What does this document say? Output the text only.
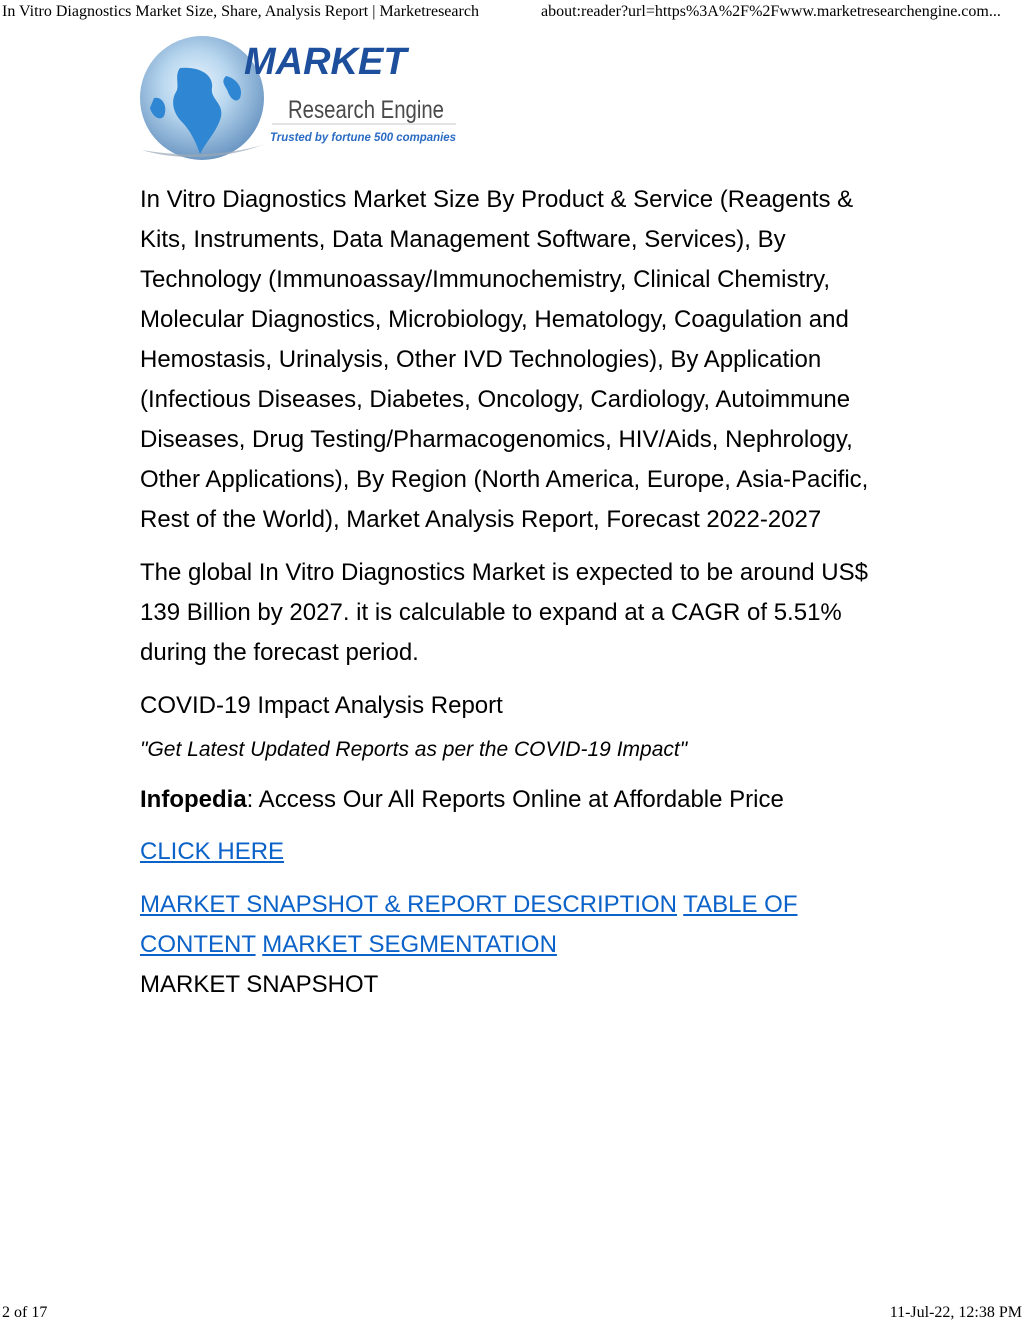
In Vitro Diagnostics Market Size, Share, Analysis Report | Marketresearch	about:reader?url=https%3A%2F%2Fwww.marketresearchengine.com...
MARKET
Research Engine
Trusted by fortune 500 companies

In Vitro Diagnostics Market Size By Product & Service (Reagents & Kits, Instruments, Data Management Software, Services), By Technology (Immunoassay/Immunochemistry, Clinical Chemistry, Molecular Diagnostics, Microbiology, Hematology, Coagulation and Hemostasis, Urinalysis, Other IVD Technologies), By Application (Infectious Diseases, Diabetes, Oncology, Cardiology, Autoimmune Diseases, Drug Testing/Pharmacogenomics, HIV/Aids, Nephrology, Other Applications), By Region (North America, Europe, Asia-Pacific, Rest of the World), Market Analysis Report, Forecast 2022-2027

The global In Vitro Diagnostics Market is expected to be around US$ 139 Billion by 2027. it is calculable to expand at a CAGR of 5.51% during the forecast period.

COVID-19 Impact Analysis Report

"Get Latest Updated Reports as per the COVID-19 Impact"

Infopedia: Access Our All Reports Online at Affordable Price

CLICK HERE

MARKET SNAPSHOT & REPORT DESCRIPTION TABLE OF CONTENT MARKET SEGMENTATION

MARKET SNAPSHOT

2 of 17	11-Jul-22, 12:38 PM
